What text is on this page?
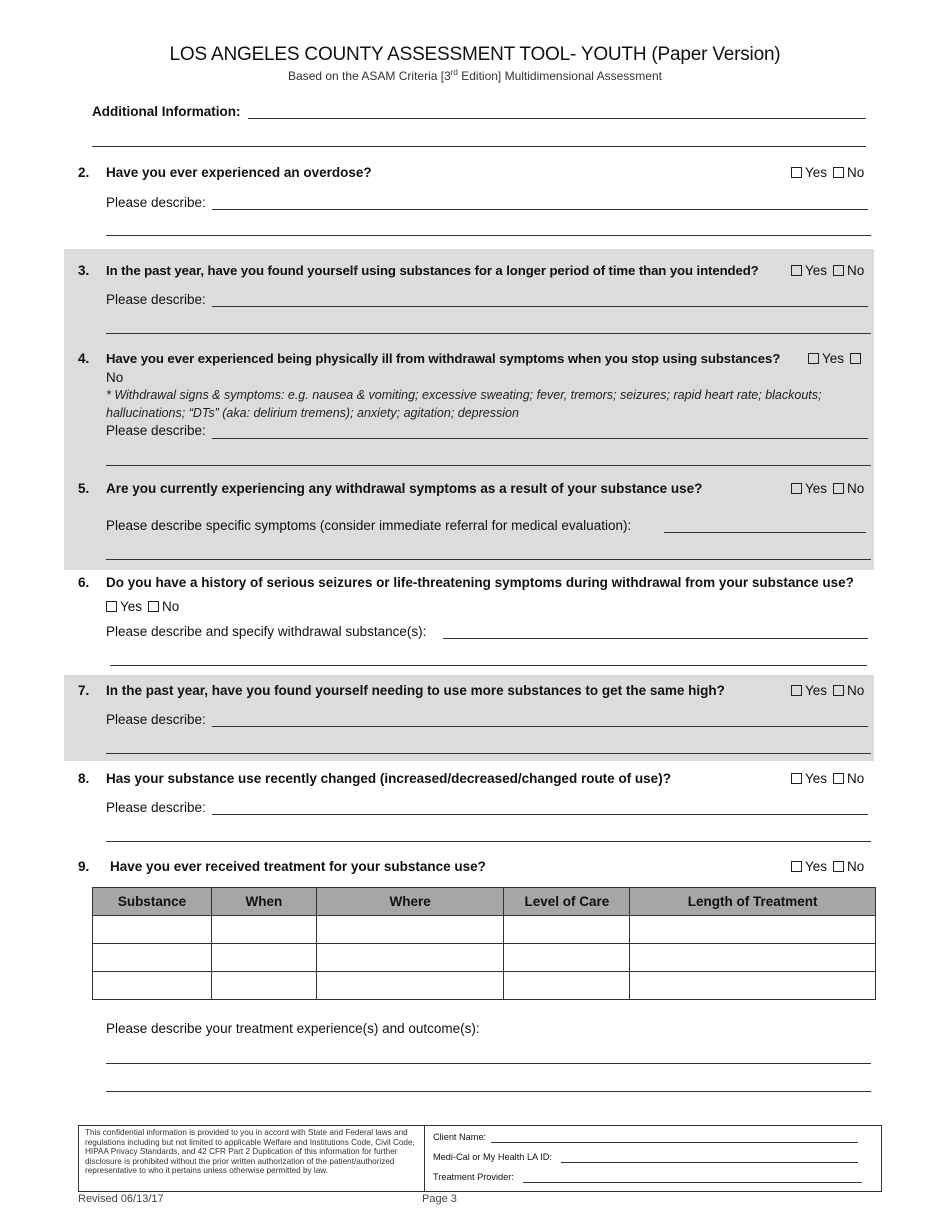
LOS ANGELES COUNTY ASSESSMENT TOOL- YOUTH (Paper Version)
Based on the ASAM Criteria [3rd Edition] Multidimensional Assessment
Additional Information:
2. Have you ever experienced an overdose?	Yes No
Please describe:
3. In the past year, have you found yourself using substances for a longer period of time than you intended?	Yes No
Please describe:
4. Have you ever experienced being physically ill from withdrawal symptoms when you stop using substances?	Yes
No
* Withdrawal signs & symptoms: e.g. nausea & vomiting; excessive sweating; fever, tremors; seizures; rapid heart rate; blackouts; hallucinations; “DTs” (aka: delirium tremens); anxiety; agitation; depression
Please describe:
5. Are you currently experiencing any withdrawal symptoms as a result of your substance use?	Yes No
Please describe specific symptoms (consider immediate referral for medical evaluation):
6. Do you have a history of serious seizures or life-threatening symptoms during withdrawal from your substance use?
Yes No
Please describe and specify withdrawal substance(s):
7. In the past year, have you found yourself needing to use more substances to get the same high?	Yes No
Please describe:
8. Has your substance use recently changed (increased/decreased/changed route of use)?	Yes No
Please describe:
9. Have you ever received treatment for your substance use?	Yes No
Substance	When	Where	Level of Care	Length of Treatment

Please describe your treatment experience(s) and outcome(s):
This confidential information is provided to you in accord with State and Federal laws and regulations including but not limited to applicable Welfare and Institutions Code, Civil Code, HIPAA Privacy Standards, and 42 CFR Part 2 Duplication of this information for further disclosure is prohibited without the prior written authorization of the patient/authorized representative to who it pertains unless otherwise permitted by law.
Client Name:
Medi-Cal or My Health LA ID:
Treatment Provider:
Revised 06/13/17	Page 3
